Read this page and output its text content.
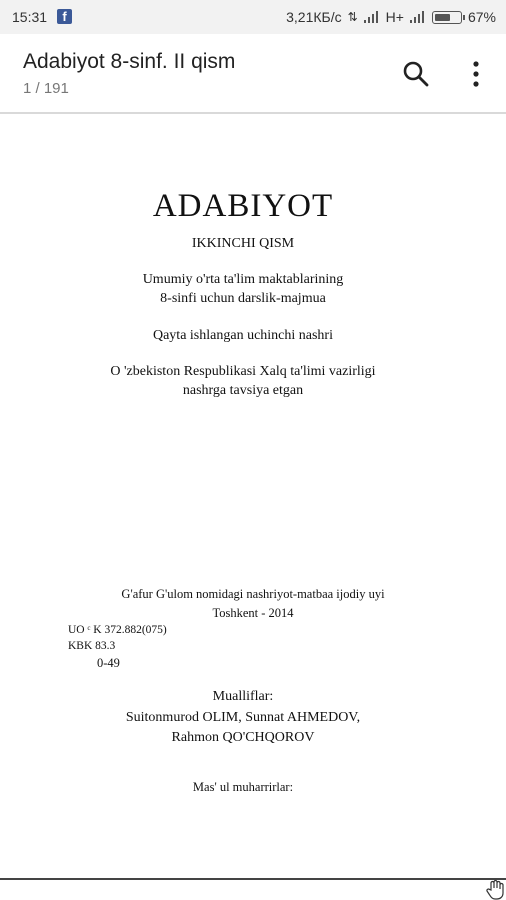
15:31	f	3,21КБ/с ⇅ H+	67%
Adabiyot 8-sinf. II qism
1 / 191
ADABIYOT
IKKINCHI QISM
Umumiy o'rta ta'lim maktablarining
8-sinfi uchun darslik-majmua
Qayta ishlangan uchinchi nashri
O 'zbekiston Respublikasi Xalq ta'limi vazirligi
nashrga tavsiya etgan
G'afur G'ulom nomidagi nashriyot-matbaa ijodiy uyi
Toshkent - 2014
UO ᶜ K 372.882(075)
KBK 83.3
0-49
Mualliflar:
Suitonmurod OLIM, Sunnat AHMEDOV,
Rahmon QO'CHQOROV
Mas' ul muharrirlar:
